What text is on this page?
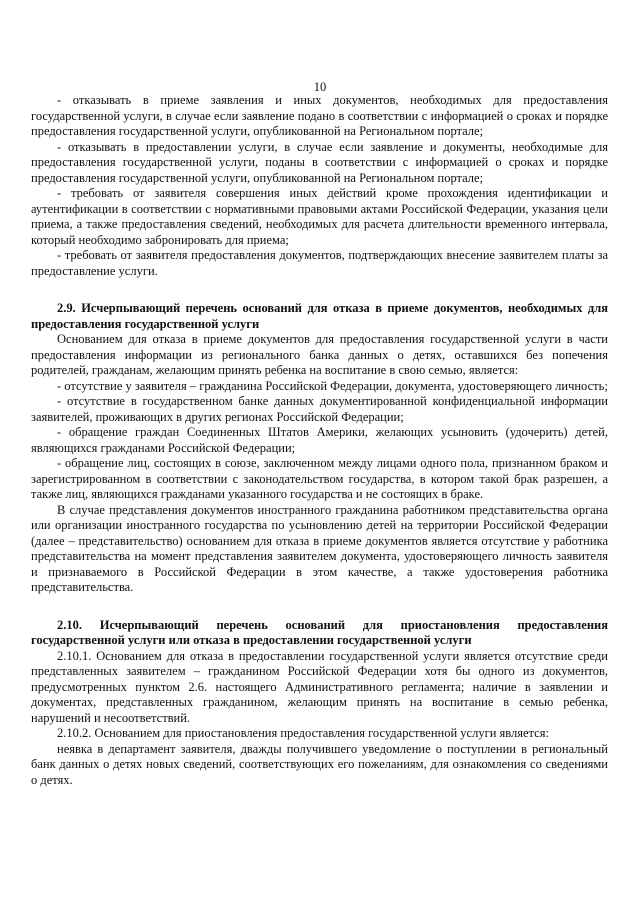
10

- отказывать в приеме заявления и иных документов, необходимых для предоставления государственной услуги, в случае если заявление подано в соответствии с информацией о сроках и порядке предоставления государственной услуги, опубликованной на Региональном портале;

- отказывать в предоставлении услуги, в случае если заявление и документы, необходимые для предоставления государственной услуги, поданы в соответствии с информацией о сроках и порядке предоставления государственной услуги, опубликованной на Региональном портале;

- требовать от заявителя совершения иных действий кроме прохождения идентификации и аутентификации в соответствии с нормативными правовыми актами Российской Федерации, указания цели приема, а также предоставления сведений, необходимых для расчета длительности временного интервала, который необходимо забронировать для приема;

- требовать от заявителя предоставления документов, подтверждающих внесение заявителем платы за предоставление услуги.

2.9. Исчерпывающий перечень оснований для отказа в приеме документов, необходимых для предоставления государственной услуги

Основанием для отказа в приеме документов для предоставления государственной услуги в части предоставления информации из регионального банка данных о детях, оставшихся без попечения родителей, гражданам, желающим принять ребенка на воспитание в свою семью, является:

- отсутствие у заявителя – гражданина Российской Федерации, документа, удостоверяющего личность;

- отсутствие в государственном банке данных документированной конфиденциальной информации заявителей, проживающих в других регионах Российской Федерации;

- обращение граждан Соединенных Штатов Америки, желающих усыновить (удочерить) детей, являющихся гражданами Российской Федерации;

- обращение лиц, состоящих в союзе, заключенном между лицами одного пола, признанном браком и зарегистрированном в соответствии с законодательством государства, в котором такой брак разрешен, а также лиц, являющихся гражданами указанного государства и не состоящих в браке.

В случае представления документов иностранного гражданина работником представительства органа или организации иностранного государства по усыновлению детей на территории Российской Федерации (далее – представительство) основанием для отказа в приеме документов является отсутствие у работника представительства на момент представления заявителем документа, удостоверяющего личность заявителя и признаваемого в Российской Федерации в этом качестве, а также удостоверения работника представительства.

2.10. Исчерпывающий перечень оснований для приостановления предоставления государственной услуги или отказа в предоставлении государственной услуги

2.10.1. Основанием для отказа в предоставлении государственной услуги является отсутствие среди представленных заявителем – гражданином Российской Федерации хотя бы одного из документов, предусмотренных пунктом 2.6. настоящего Административного регламента; наличие в заявлении и документах, представленных гражданином, желающим принять на воспитание в семью ребенка, нарушений и несоответствий.

2.10.2. Основанием для приостановления предоставления государственной услуги является:

неявка в департамент заявителя, дважды получившего уведомление о поступлении в региональный банк данных о детях новых сведений, соответствующих его пожеланиям, для ознакомления со сведениями о детях.
